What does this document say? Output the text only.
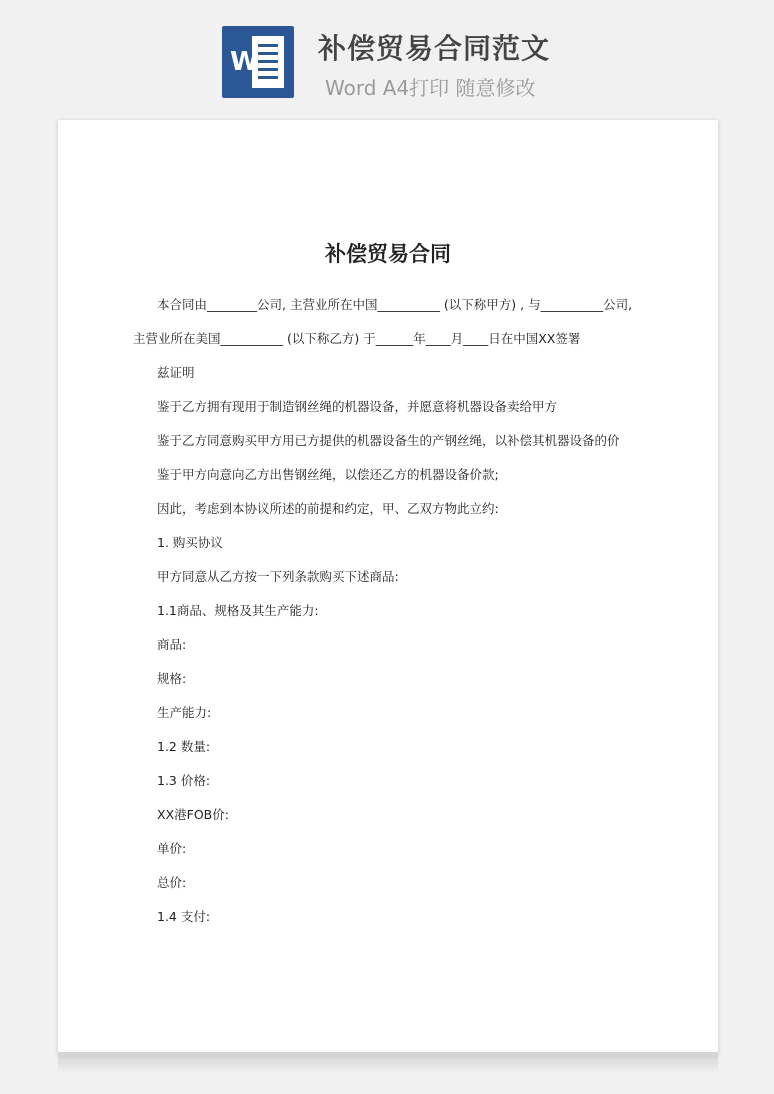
W 补偿贸易合同范文
Word A4打印 随意修改
补偿贸易合同
本合同由________公司, 主营业所在中国__________ (以下称甲方) , 与__________公司,
主营业所在美国__________ (以下称乙方) 于______年____月____日在中国XX签署
兹证明
鉴于乙方拥有现用于制造钢丝绳的机器设备，并愿意将机器设备卖给甲方
鉴于乙方同意购买甲方用已方提供的机器设备生的产钢丝绳，以补偿其机器设备的价
鉴于甲方向意向乙方出售钢丝绳，以偿还乙方的机器设备价款;
因此，考虑到本协议所述的前提和约定，甲、乙双方物此立约:
1. 购买协议
甲方同意从乙方按一下列条款购买下述商品:
1.1商品、规格及其生产能力:
商品:
规格:
生产能力:
1.2 数量:
1.3 价格:
XX港FOB价:
单价:
总价:
1.4 支付:
